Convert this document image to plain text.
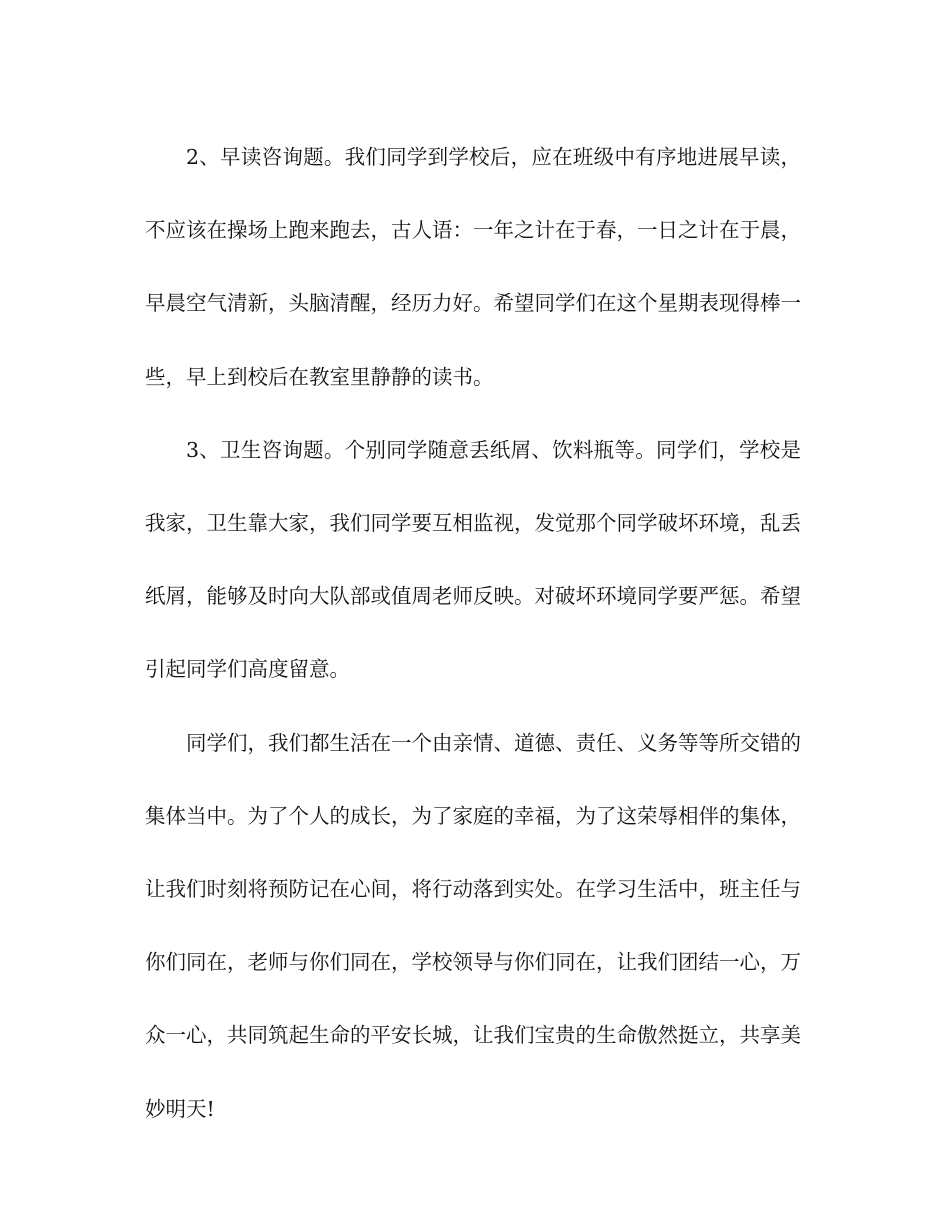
2、早读咨询题。我们同学到学校后，应在班级中有序地进展早读，不应该在操场上跑来跑去，古人语：一年之计在于春，一日之计在于晨，早晨空气清新，头脑清醒，经历力好。希望同学们在这个星期表现得棒一些，早上到校后在教室里静静的读书。

3、卫生咨询题。个别同学随意丢纸屑、饮料瓶等。同学们，学校是我家，卫生靠大家，我们同学要互相监视，发觉那个同学破坏环境，乱丢纸屑，能够及时向大队部或值周老师反映。对破坏环境同学要严惩。希望引起同学们高度留意。

同学们，我们都生活在一个由亲情、道德、责任、义务等等所交错的集体当中。为了个人的成长，为了家庭的幸福，为了这荣辱相伴的集体，让我们时刻将预防记在心间，将行动落到实处。在学习生活中，班主任与你们同在，老师与你们同在，学校领导与你们同在，让我们团结一心，万众一心，共同筑起生命的平安长城，让我们宝贵的生命傲然挺立，共享美妙明天!
